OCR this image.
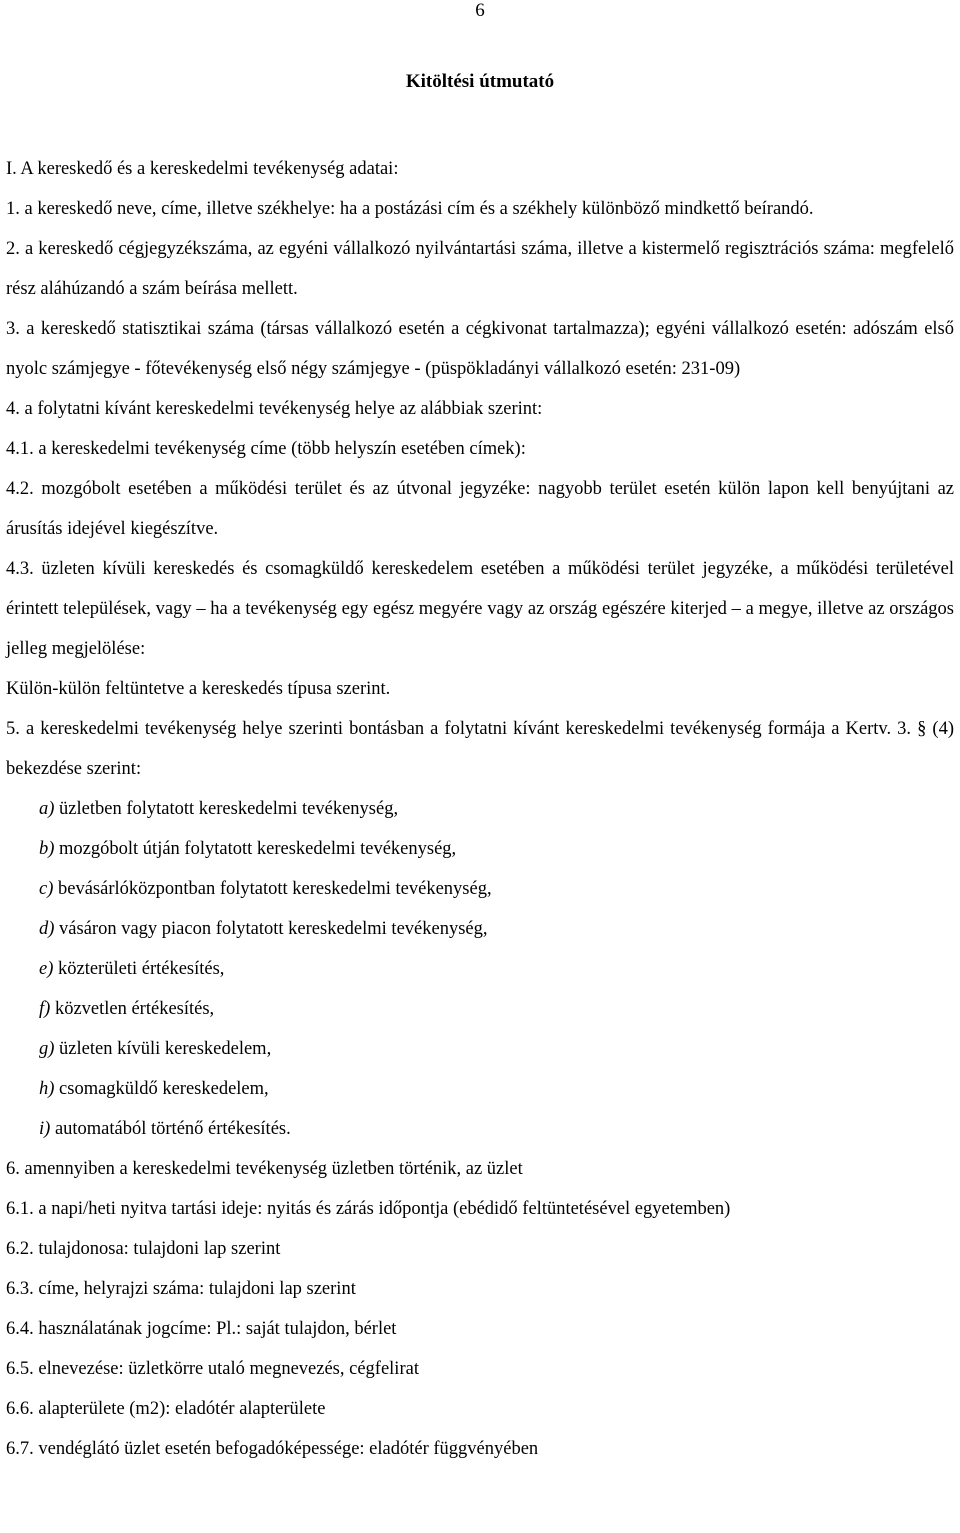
6
Kitöltési útmutató

I. A kereskedő és a kereskedelmi tevékenység adatai:

1. a kereskedő neve, címe, illetve székhelye: ha a postázási cím és a székhely különböző mindkettő beírandó.

2. a kereskedő cégjegyzékszáma, az egyéni vállalkozó nyilvántartási száma, illetve a kistermelő regisztrációs száma: megfelelő rész aláhúzandó a szám beírása mellett.

3. a kereskedő statisztikai száma (társas vállalkozó esetén a cégkivonat tartalmazza); egyéni vállalkozó esetén: adószám első nyolc számjegye - főtevékenység első négy számjegye - (püspökladányi vállalkozó esetén: 231-09)

4. a folytatni kívánt kereskedelmi tevékenység helye az alábbiak szerint:

4.1. a kereskedelmi tevékenység címe (több helyszín esetében címek):

4.2. mozgóbolt esetében a működési terület és az útvonal jegyzéke: nagyobb terület esetén külön lapon kell benyújtani az árusítás idejével kiegészítve.

4.3. üzleten kívüli kereskedés és csomagküldő kereskedelem esetében a működési terület jegyzéke, a működési területével érintett települések, vagy – ha a tevékenység egy egész megyére vagy az ország egészére kiterjed – a megye, illetve az országos jelleg megjelölése:

Külön-külön feltüntetve a kereskedés típusa szerint.

5. a kereskedelmi tevékenység helye szerinti bontásban a folytatni kívánt kereskedelmi tevékenység formája a Kertv. 3. § (4) bekezdése szerint:

a) üzletben folytatott kereskedelmi tevékenység,

b) mozgóbolt útján folytatott kereskedelmi tevékenység,

c) bevásárlóközpontban folytatott kereskedelmi tevékenység,

d) vásáron vagy piacon folytatott kereskedelmi tevékenység,

e) közterületi értékesítés,

f) közvetlen értékesítés,

g) üzleten kívüli kereskedelem,

h) csomagküldő kereskedelem,

i) automatából történő értékesítés.

6. amennyiben a kereskedelmi tevékenység üzletben történik, az üzlet

6.1. a napi/heti nyitva tartási ideje: nyitás és zárás időpontja (ebédidő feltüntetésével egyetemben)

6.2. tulajdonosa: tulajdoni lap szerint

6.3. címe, helyrajzi száma: tulajdoni lap szerint

6.4. használatának jogcíme: Pl.: saját tulajdon, bérlet

6.5. elnevezése: üzletkörre utaló megnevezés, cégfelirat

6.6. alapterülete (m2): eladótér alapterülete

6.7. vendéglátó üzlet esetén befogadóképessége: eladótér függvényében
